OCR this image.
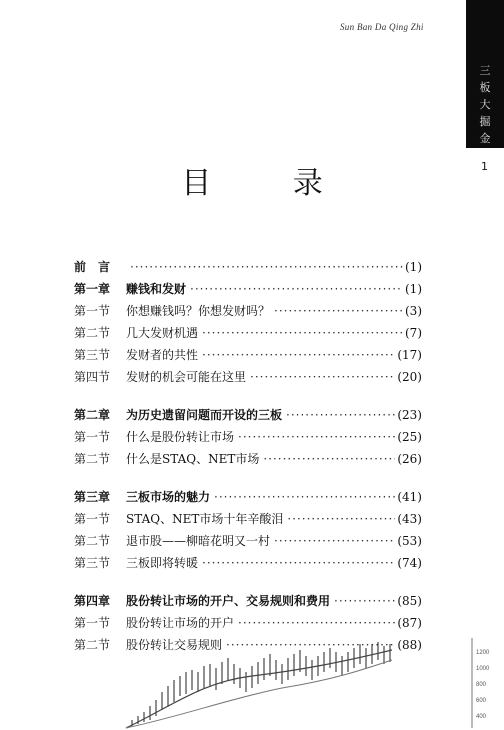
Sun Ban Da Qing Zhi
三
板
大
掘
金
1
目 录
前　言 ·····	(1)
第一章	赚钱和发财 ·····	(1)
第一节	你想赚钱吗？你想发财吗？ ·····	(3)
第二节	几大发财机遇 ·····	(7)
第三节	发财者的共性 ·····	(17)
第四节	发财的机会可能在这里 ·····	(20)
第二章	为历史遗留问题而开设的三板 ·····	(23)
第一节	什么是股份转让市场 ·····	(25)
第二节	什么是STAQ、NET市场 ·····	(26)
第三章	三板市场的魅力 ·····	(41)
第一节	STAQ、NET市场十年辛酸泪 ·····	(43)
第二节	退市股——柳暗花明又一村 ·····	(53)
第三节	三板即将转暖 ·····	(74)
第四章	股份转让市场的开户、交易规则和费用 ·····	(85)
第一节	股份转让市场的开户 ·····	(87)
第二节	股份转让交易规则 ·····	(88)
1200
1000
800
600
400
